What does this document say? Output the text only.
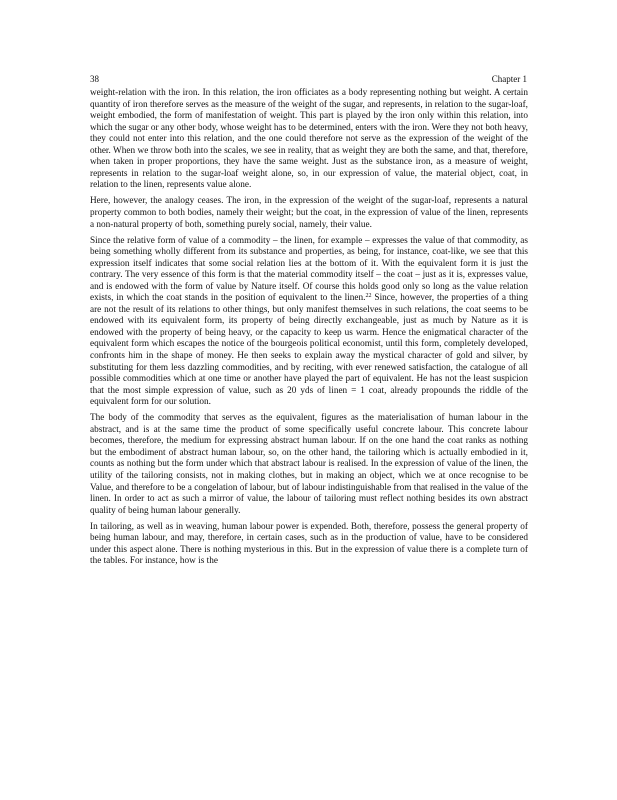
38	Chapter 1

weight-relation with the iron. In this relation, the iron officiates as a body representing nothing but weight. A certain quantity of iron therefore serves as the measure of the weight of the sugar, and represents, in relation to the sugar-loaf, weight embodied, the form of manifestation of weight. This part is played by the iron only within this relation, into which the sugar or any other body, whose weight has to be determined, enters with the iron. Were they not both heavy, they could not enter into this relation, and the one could therefore not serve as the expression of the weight of the other. When we throw both into the scales, we see in reality, that as weight they are both the same, and that, therefore, when taken in proper proportions, they have the same weight. Just as the substance iron, as a measure of weight, represents in relation to the sugar-loaf weight alone, so, in our expression of value, the material object, coat, in relation to the linen, represents value alone.

Here, however, the analogy ceases. The iron, in the expression of the weight of the sugar-loaf, represents a natural property common to both bodies, namely their weight; but the coat, in the expression of value of the linen, represents a non-natural property of both, something purely social, namely, their value.

Since the relative form of value of a commodity – the linen, for example – expresses the value of that commodity, as being something wholly different from its substance and properties, as being, for instance, coat-like, we see that this expression itself indicates that some social relation lies at the bottom of it. With the equivalent form it is just the contrary. The very essence of this form is that the material commodity itself – the coat – just as it is, expresses value, and is endowed with the form of value by Nature itself. Of course this holds good only so long as the value relation exists, in which the coat stands in the position of equivalent to the linen.$^{22}$ Since, however, the properties of a thing are not the result of its relations to other things, but only manifest themselves in such relations, the coat seems to be endowed with its equivalent form, its property of being directly exchangeable, just as much by Nature as it is endowed with the property of being heavy, or the capacity to keep us warm. Hence the enigmatical character of the equivalent form which escapes the notice of the bourgeois political economist, until this form, completely developed, confronts him in the shape of money. He then seeks to explain away the mystical character of gold and silver, by substituting for them less dazzling commodities, and by reciting, with ever renewed satisfaction, the catalogue of all possible commodities which at one time or another have played the part of equivalent. He has not the least suspicion that the most simple expression of value, such as 20 yds of linen = 1 coat, already propounds the riddle of the equivalent form for our solution.

The body of the commodity that serves as the equivalent, figures as the materialisation of human labour in the abstract, and is at the same time the product of some specifically useful concrete labour. This concrete labour becomes, therefore, the medium for expressing abstract human labour. If on the one hand the coat ranks as nothing but the embodiment of abstract human labour, so, on the other hand, the tailoring which is actually embodied in it, counts as nothing but the form under which that abstract labour is realised. In the expression of value of the linen, the utility of the tailoring consists, not in making clothes, but in making an object, which we at once recognise to be Value, and therefore to be a congelation of labour, but of labour indistinguishable from that realised in the value of the linen. In order to act as such a mirror of value, the labour of tailoring must reflect nothing besides its own abstract quality of being human labour generally.

In tailoring, as well as in weaving, human labour power is expended. Both, therefore, possess the general property of being human labour, and may, therefore, in certain cases, such as in the production of value, have to be considered under this aspect alone. There is nothing mysterious in this. But in the expression of value there is a complete turn of the tables. For instance, how is the
